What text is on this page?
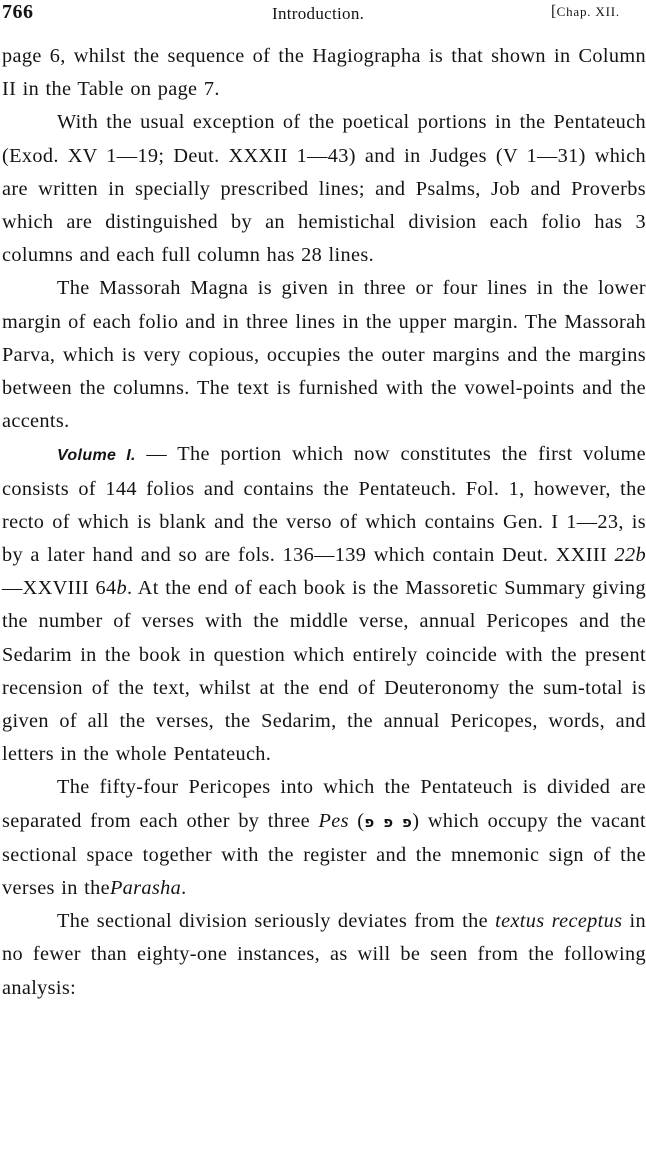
766	Introduction.	[Chap. XII.

page 6, whilst the sequence of the Hagiographa is that shown in Column II in the Table on page 7.

With the usual exception of the poetical portions in the Pentateuch (Exod. XV 1—19; Deut. XXXII 1—43) and in Judges (V 1—31) which are written in specially prescribed lines; and Psalms, Job and Proverbs which are distinguished by an hemistichal division each folio has 3 columns and each full column has 28 lines.

The Massorah Magna is given in three or four lines in the lower margin of each folio and in three lines in the upper margin. The Massorah Parva, which is very copious, occupies the outer margins and the margins between the columns. The text is furnished with the vowel-points and the accents.

Volume I. — The portion which now constitutes the first volume consists of 144 folios and contains the Pentateuch. Fol. 1, however, the recto of which is blank and the verso of which contains Gen. I 1—23, is by a later hand and so are fols. 136—139 which contain Deut. XXIII 22b—XXVIII 64b. At the end of each book is the Massoretic Summary giving the number of verses with the middle verse, annual Pericopes and the Sedarim in the book in question which entirely coincide with the present recension of the text, whilst at the end of Deuteronomy the sum-total is given of all the verses, the Sedarim, the annual Pericopes, words, and letters in the whole Pentateuch.

The fifty-four Pericopes into which the Pentateuch is divided are separated from each other by three Pes (פ פ פ) which occupy the vacant sectional space together with the register and the mnemonic sign of the verses in theParasha.

The sectional division seriously deviates from the textus receptus in no fewer than eighty-one instances, as will be seen from the following analysis:
